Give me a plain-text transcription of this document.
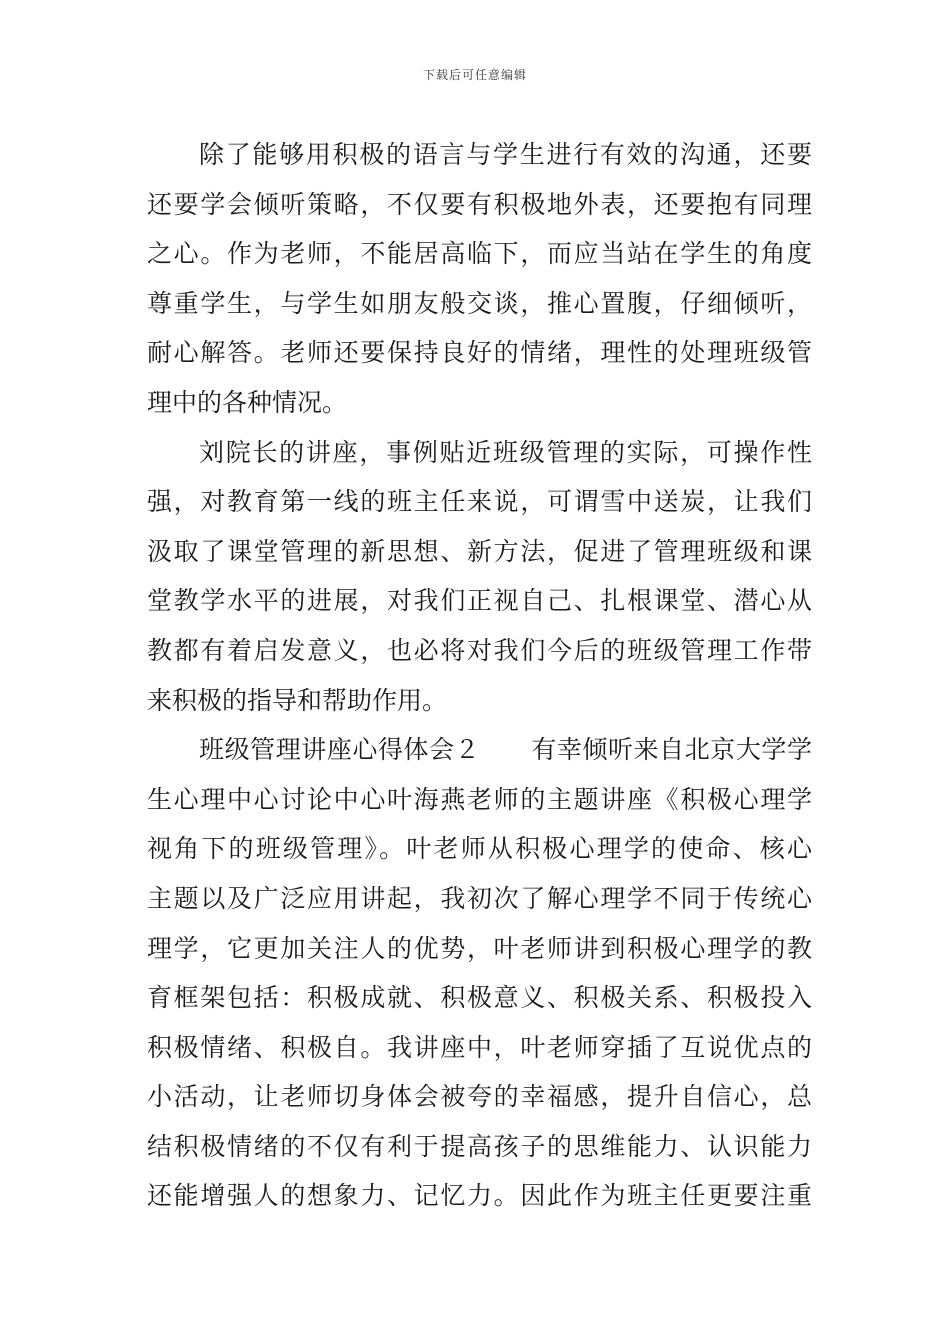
下载后可任意编辑
除了能够用积极的语言与学生进行有效的沟通，还要
还要学会倾听策略，不仅要有积极地外表，还要抱有同理
之心。作为老师，不能居高临下，而应当站在学生的角度
尊重学生，与学生如朋友般交谈，推心置腹，仔细倾听，
耐心解答。老师还要保持良好的情绪，理性的处理班级管
理中的各种情况。
刘院长的讲座，事例贴近班级管理的实际，可操作性
强，对教育第一线的班主任来说，可谓雪中送炭，让我们
汲取了课堂管理的新思想、新方法，促进了管理班级和课
堂教学水平的进展，对我们正视自己、扎根课堂、潜心从
教都有着启发意义，也必将对我们今后的班级管理工作带
来积极的指导和帮助作用。
班级管理讲座心得体会２　　有幸倾听来自北京大学学
生心理中心讨论中心叶海燕老师的主题讲座《积极心理学
视角下的班级管理》。叶老师从积极心理学的使命、核心
主题以及广泛应用讲起，我初次了解心理学不同于传统心
理学，它更加关注人的优势，叶老师讲到积极心理学的教
育框架包括：积极成就、积极意义、积极关系、积极投入
积极情绪、积极自。我讲座中，叶老师穿插了互说优点的
小活动，让老师切身体会被夸的幸福感，提升自信心，总
结积极情绪的不仅有利于提高孩子的思维能力、认识能力
还能增强人的想象力、记忆力。因此作为班主任更要注重
